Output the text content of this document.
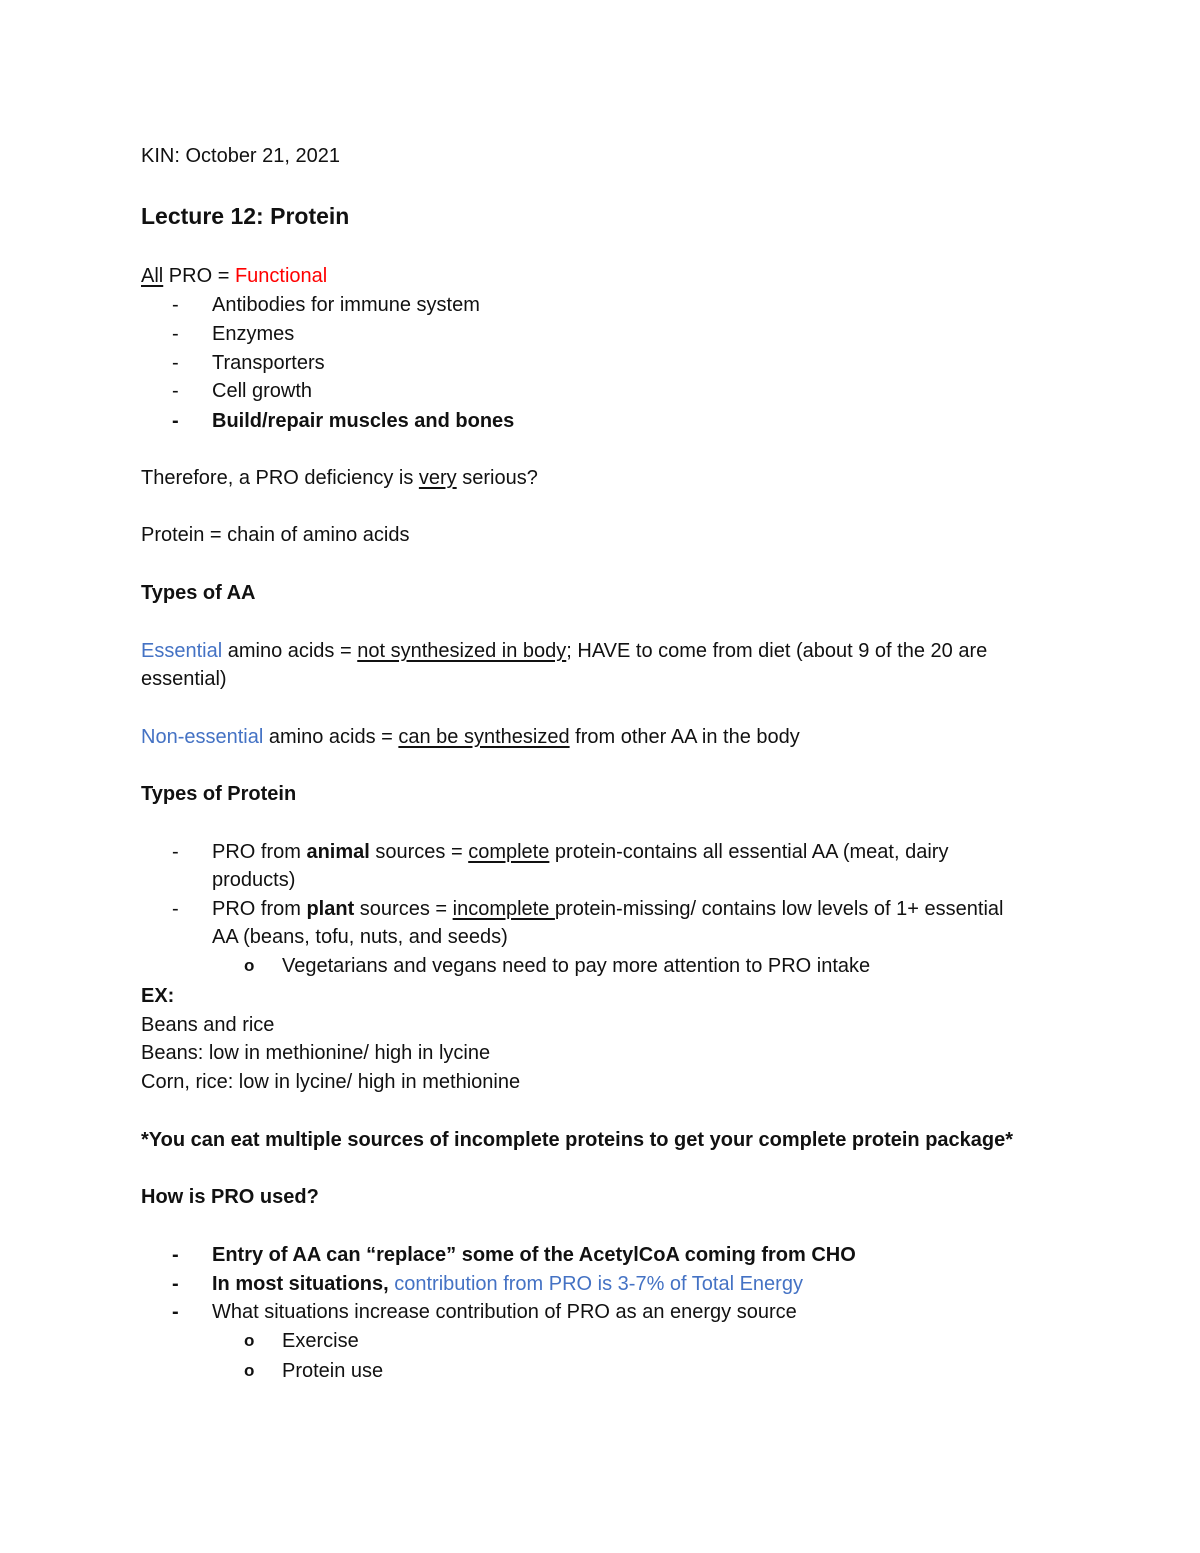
KIN: October 21, 2021
Lecture 12: Protein
All PRO = Functional
-	Antibodies for immune system
-	Enzymes
-	Transporters
-	Cell growth
-	Build/repair muscles and bones
Therefore, a PRO deficiency is very serious?
Protein = chain of amino acids
Types of AA
Essential amino acids = not synthesized in body; HAVE to come from diet (about 9 of the 20 are
essential)
Non-essential amino acids = can be synthesized from other AA in the body
Types of Protein
-	PRO from animal sources = complete protein-contains all essential AA (meat, dairy
products)
-	PRO from plant sources = incomplete protein-missing/ contains low levels of 1+ essential
AA (beans, tofu, nuts, and seeds)
o Vegetarians and vegans need to pay more attention to PRO intake
EX:
Beans and rice
Beans: low in methionine/ high in lycine
Corn, rice: low in lycine/ high in methionine
*You can eat multiple sources of incomplete proteins to get your complete protein package*
How is PRO used?
-	Entry of AA can “replace” some of the AcetylCoA coming from CHO
-	In most situations, contribution from PRO is 3-7% of Total Energy
-	What situations increase contribution of PRO as an energy source
o Exercise
o Protein use
